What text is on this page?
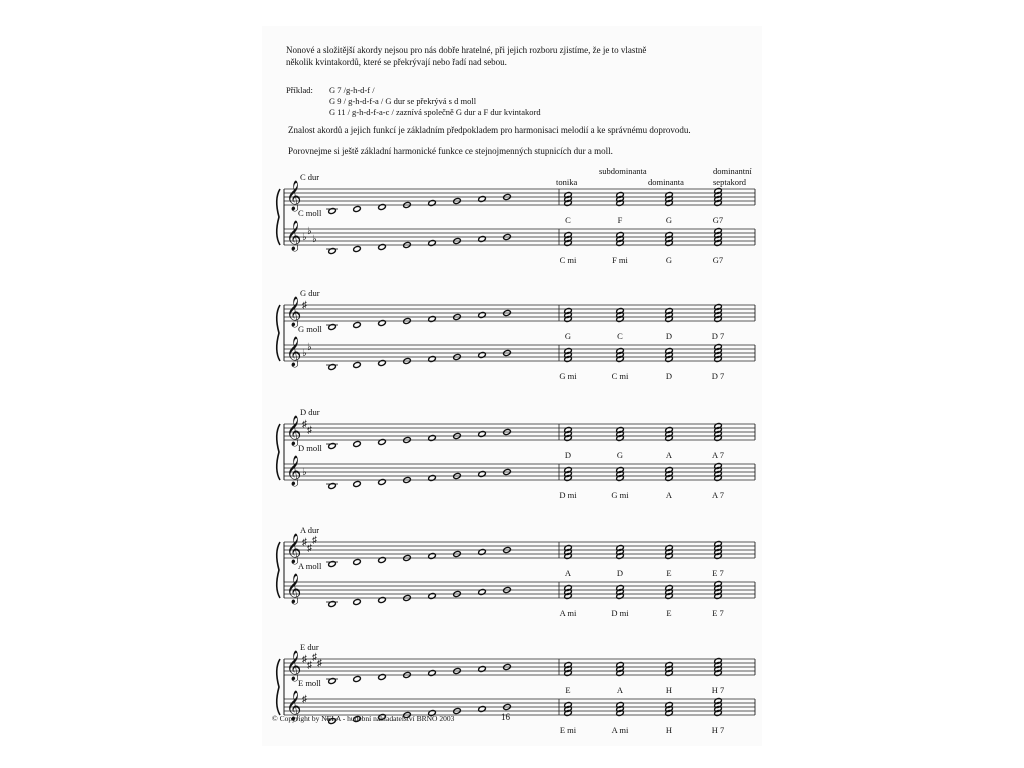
Nonové a složitější akordy nejsou pro nás dobře hratelné, při jejich rozboru zjistíme, že je to vlastně
několik kvintakordů, které se překrývají nebo řadí nad sebou.
Příklad: G 7 /g-h-d-f /
G 9 / g-h-d-f-a / G dur se překrývá s d moll
G 11 / g-h-d-f-a-c / zaznívá společně G dur a F dur kvintakord
Znalost akordů a jejich funkcí je základním předpokladem pro harmonisaci melodií a ke správnému doprovodu.
Porovnejme si ještě základní harmonické funkce ce stejnojmenných stupnicích dur a moll.
subdominanta	dominantní
tonika	dominanta	septakord
𝄞
𝄞 ♭
♭
♭
C dur
C moll
C	F	G	G7
C mi	F mi	G	G7
𝄞 ♯
𝄞 ♭
♭
G dur
G moll
G	C	D	D 7
G mi	C mi	D	D 7
𝄞 ♯
♯
𝄞 ♭
D dur
D moll
D	G	A	A 7
D mi	G mi	A	A 7
𝄞 ♯
♯
♯
𝄞
A dur
A moll
A	D	E	E 7
A mi	D mi	E	E 7
𝄞 ♯
♯
♯
♯
𝄞 ♯
E dur
E moll
E	A	H	H 7
E mi	A mi	H	H 7
© Copyright by NELA - hudební nakladatelství BRNO 2003	16
